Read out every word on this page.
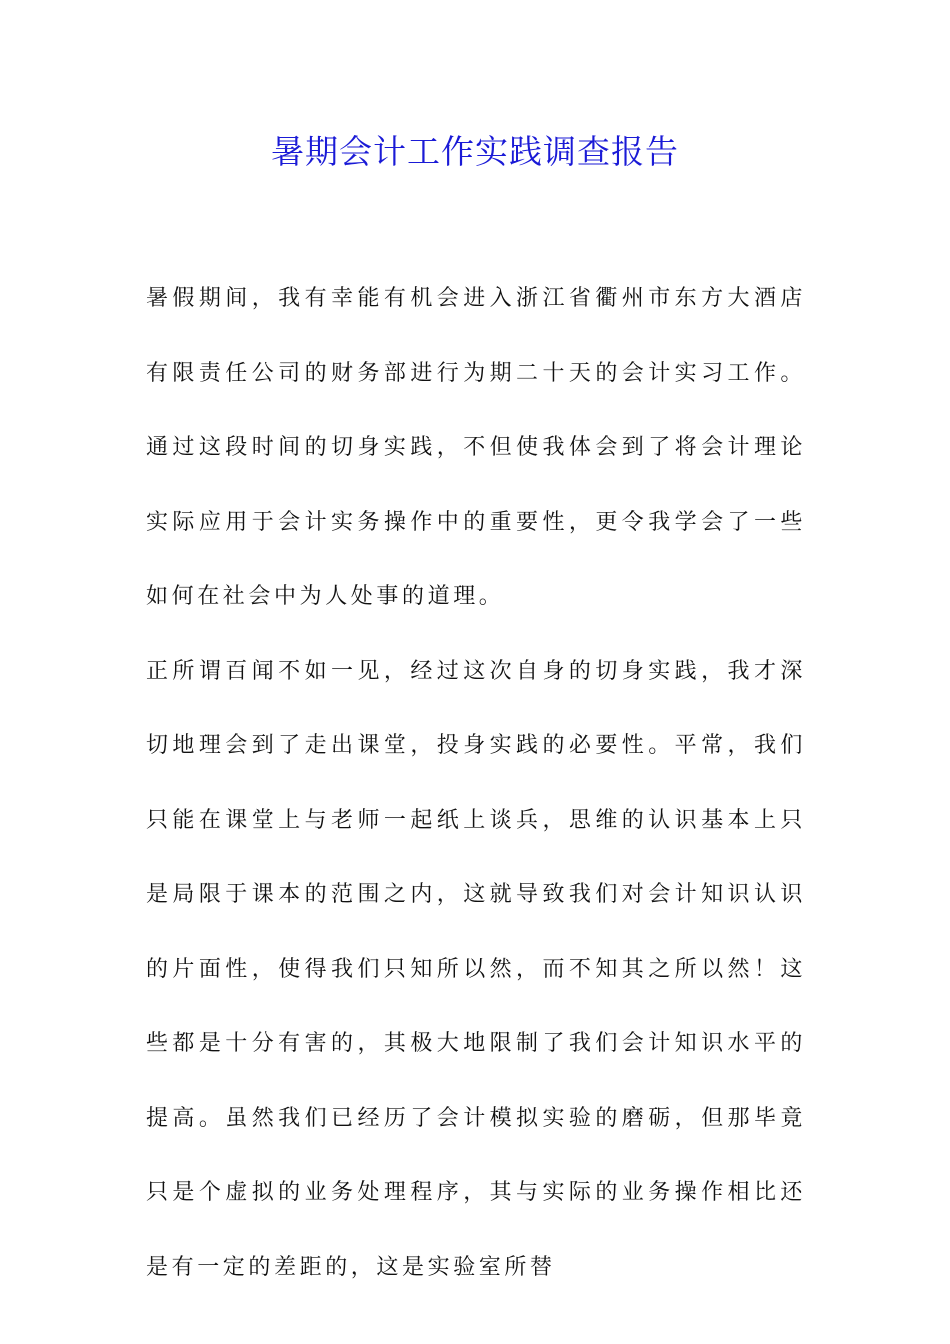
暑期会计工作实践调查报告

暑假期间，我有幸能有机会进入浙江省衢州市东方大酒店有限责任公司的财务部进行为期二十天的会计实习工作。通过这段时间的切身实践，不但使我体会到了将会计理论实际应用于会计实务操作中的重要性，更令我学会了一些如何在社会中为人处事的道理。

正所谓百闻不如一见，经过这次自身的切身实践，我才深切地理会到了走出课堂，投身实践的必要性。平常，我们只能在课堂上与老师一起纸上谈兵，思维的认识基本上只是局限于课本的范围之内，这就导致我们对会计知识认识的片面性，使得我们只知所以然，而不知其之所以然！这些都是十分有害的，其极大地限制了我们会计知识水平的提高。虽然我们已经历了会计模拟实验的磨砺，但那毕竟只是个虚拟的业务处理程序，其与实际的业务操作相比还是有一定的差距的，这是实验室所替
